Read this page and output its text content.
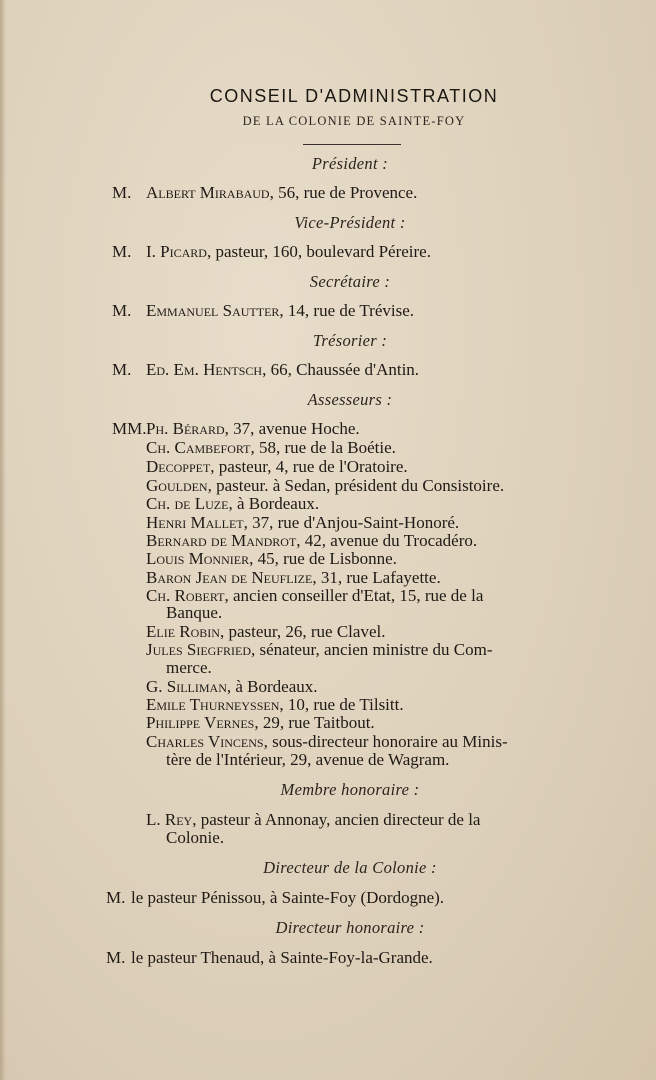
CONSEIL D'ADMINISTRATION
DE LA COLONIE DE SAINTE-FOY
Président :
M. Albert Mirabaud, 56, rue de Provence.
Vice-Président :
M. I. Picard, pasteur, 160, boulevard Péreire.
Secrétaire :
M. Emmanuel Sautter, 14, rue de Trévise.
Trésorier :
M. Ed. Em. Hentsch, 66, Chaussée d'Antin.
Assesseurs :
MM. Ph. Bérard, 37, avenue Hoche.
Ch. Cambefort, 58, rue de la Boétie.
Decoppet, pasteur, 4, rue de l'Oratoire.
Goulden, pasteur. à Sedan, président du Consistoire.
Ch. de Luze, à Bordeaux.
Henri Mallet, 37, rue d'Anjou-Saint-Honoré.
Bernard de Mandrot, 42, avenue du Trocadéro.
Louis Monnier, 45, rue de Lisbonne.
Baron Jean de Neuflize, 31, rue Lafayette.
Ch. Robert, ancien conseiller d'Etat, 15, rue de la
Banque.
Elie Robin, pasteur, 26, rue Clavel.
Jules Siegfried, sénateur, ancien ministre du Com-
merce.
G. Silliman, à Bordeaux.
Emile Thurneyssen, 10, rue de Tilsitt.
Philippe Vernes, 29, rue Taitbout.
Charles Vincens, sous-directeur honoraire au Minis-
tère de l'Intérieur, 29, avenue de Wagram.
Membre honoraire :
L. Rey, pasteur à Annonay, ancien directeur de la
Colonie.
Directeur de la Colonie :
M. le pasteur Pénissou, à Sainte-Foy (Dordogne).
Directeur honoraire :
M. le pasteur Thenaud, à Sainte-Foy-la-Grande.
